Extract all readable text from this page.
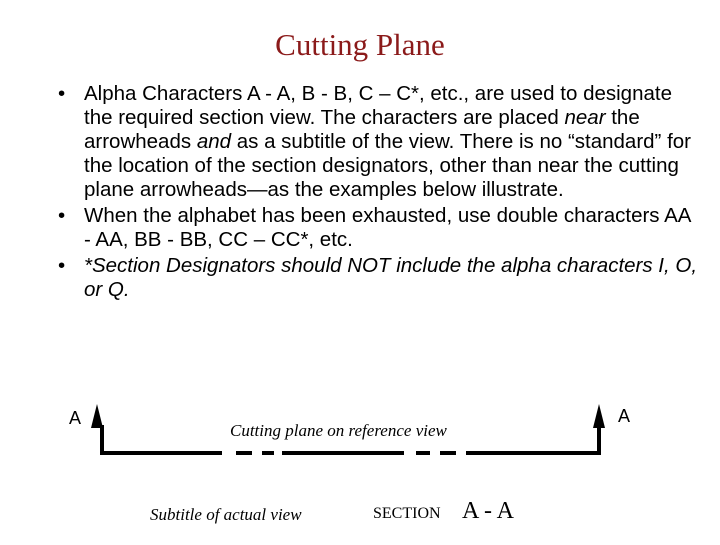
Cutting Plane
• Alpha Characters A - A, B - B, C – C*, etc., are used to designate the required section view. The characters are placed near the arrowheads and as a subtitle of the view. There is no “standard” for the location of the section designators, other than near the cutting plane arrowheads—as the examples below illustrate.
• When the alphabet has been exhausted, use double characters AA - AA, BB - BB, CC – CC*, etc.
• *Section Designators should NOT include the alpha characters I, O, or Q.
A	A
Cutting plane on reference view
Subtitle of actual view	SECTION A - A
